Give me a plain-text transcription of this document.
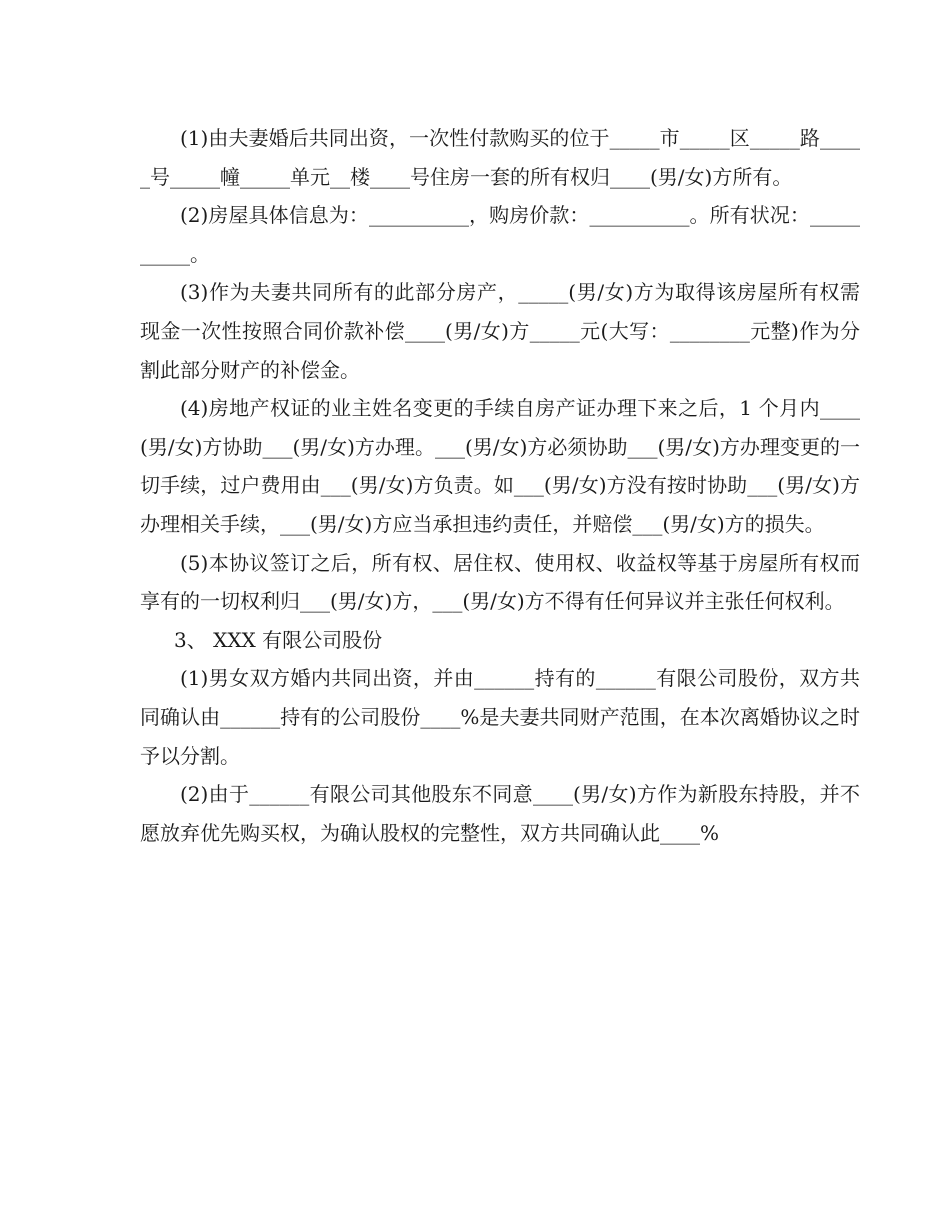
(1)由夫妻婚后共同出资，一次性付款购买的位于_____市_____区_____路_____号_____幢_____单元__楼____号住房一套的所有权归____(男/女)方所有。

(2)房屋具体信息为：__________，购房价款：__________。所有状况：__________。

(3)作为夫妻共同所有的此部分房产，_____(男/女)方为取得该房屋所有权需现金一次性按照合同价款补偿____(男/女)方_____元(大写：________元整)作为分割此部分财产的补偿金。

(4)房地产权证的业主姓名变更的手续自房产证办理下来之后，1 个月内____(男/女)方协助___(男/女)方办理。___(男/女)方必须协助___(男/女)方办理变更的一切手续，过户费用由___(男/女)方负责。如___(男/女)方没有按时协助___(男/女)方办理相关手续，___(男/女)方应当承担违约责任，并赔偿___(男/女)方的损失。

(5)本协议签订之后，所有权、居住权、使用权、收益权等基于房屋所有权而享有的一切权利归___(男/女)方，___(男/女)方不得有任何异议并主张任何权利。

3、 XXX 有限公司股份

(1)男女双方婚内共同出资，并由______持有的______有限公司股份，双方共同确认由______持有的公司股份____%是夫妻共同财产范围，在本次离婚协议之时予以分割。

(2)由于______有限公司其他股东不同意____(男/女)方作为新股东持股，并不愿放弃优先购买权，为确认股权的完整性，双方共同确认此____%
